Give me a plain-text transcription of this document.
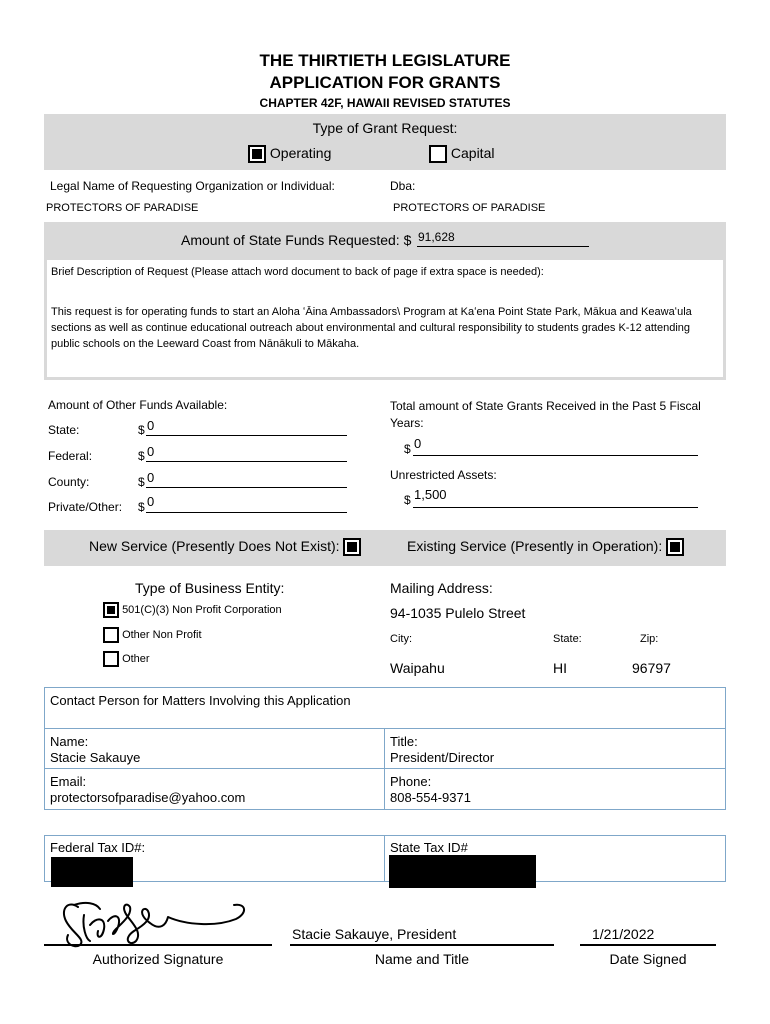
THE THIRTIETH LEGISLATURE
APPLICATION FOR GRANTS
CHAPTER 42F, HAWAII REVISED STATUTES
Type of Grant Request:
Operating	Capital
Legal Name of Requesting Organization or Individual:
PROTECTORS OF PARADISE
Dba:
PROTECTORS OF PARADISE
Amount of State Funds Requested: $ 91,628
Brief Description of Request (Please attach word document to back of page if extra space is needed):
This request is for operating funds to start an Aloha ʻĀina Ambassadors\ Program at Kaʻena Point State Park, Mākua and Keawaʻula sections as well as continue educational outreach about environmental and cultural responsibility to students grades K-12 attending public schools on the Leeward Coast from Nānākuli to Mākaha.
Amount of Other Funds Available:
State:	$ 0
Federal:	$ 0
County:	$ 0
Private/Other: $ 0
Total amount of State Grants Received in the Past 5 Fiscal Years:
$ 0
Unrestricted Assets:
$ 1,500
New Service (Presently Does Not Exist):	Existing Service (Presently in Operation):
Type of Business Entity:
501(C)(3) Non Profit Corporation
Other Non Profit
Other
Mailing Address:
94-1035 Pulelo Street
City:	State:	Zip:
Waipahu	HI	96797
Contact Person for Matters Involving this Application
Name:
Stacie Sakauye
Title:
President/Director
Email:
protectorsofparadise@yahoo.com
Phone:
808-554-9371
Federal Tax ID#:	State Tax ID#
Authorized Signature
Stacie Sakauye, President
Name and Title
1/21/2022
Date Signed
